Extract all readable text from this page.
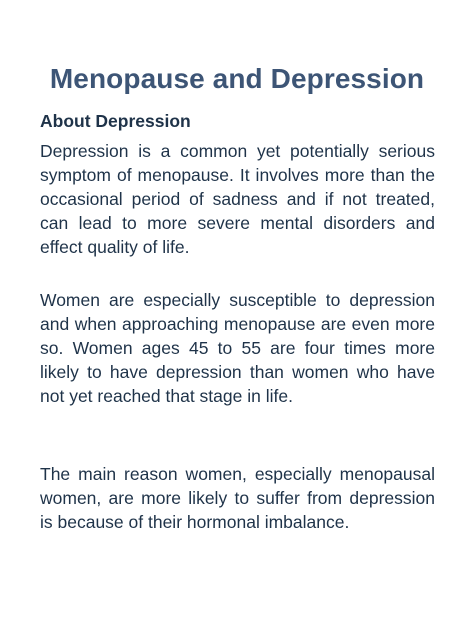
Menopause and Depression
About Depression

Depression is a common yet potentially serious symptom of menopause. It involves more than the occasional period of sadness and if not treated, can lead to more severe mental disorders and effect quality of life.

Women are especially susceptible to depression and when approaching menopause are even more so. Women ages 45 to 55 are four times more likely to have depression than women who have not yet reached that stage in life.

The main reason women, especially menopausal women, are more likely to suffer from depression is because of their hormonal imbalance.
